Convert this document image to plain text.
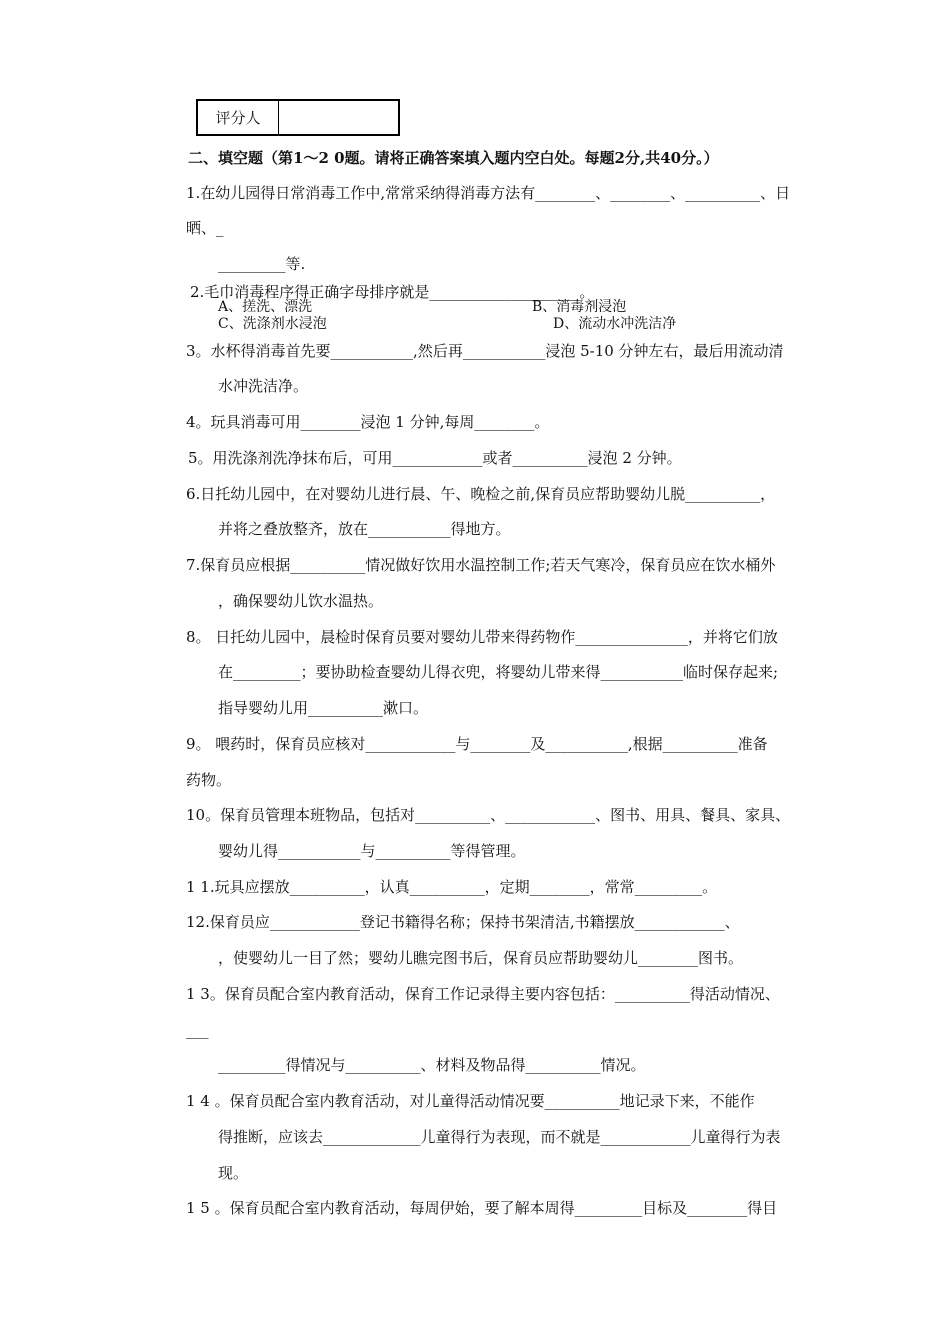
评分人
二、填空题（第1～2 0题。请将正确答案填入题内空白处。每题2分,共40分。）
1.在幼儿园得日常消毒工作中,常常采纳得消毒方法有________、________、__________、日
晒、_
_________等.
2.毛巾消毒程序得正确字母排序就是____________________。
A、搓洗、漂洗	B、消毒剂浸泡
C、洗涤剂水浸泡	D、流动水冲洗洁净
3。水杯得消毒首先要___________,然后再___________浸泡 5-10 分钟左右，最后用流动清
水冲洗洁净。
4。玩具消毒可用________浸泡 1 分钟,每周________。
5。用洗涤剂洗净抹布后，可用____________或者__________浸泡 2 分钟。
6.日托幼儿园中，在对婴幼儿进行晨、午、晚检之前,保育员应帮助婴幼儿脱__________，
并将之叠放整齐，放在___________得地方。
7.保育员应根据__________情况做好饮用水温控制工作;若天气寒冷，保育员应在饮水桶外
，确保婴幼儿饮水温热。
8。 日托幼儿园中，晨检时保育员要对婴幼儿带来得药物作_______________，并将它们放
在_________；要协助检查婴幼儿得衣兜，将婴幼儿带来得___________临时保存起来;
指导婴幼儿用__________漱口。
9。 喂药时，保育员应核对____________与________及___________,根据__________准备
药物。
10。保育员管理本班物品，包括对__________、____________、图书、用具、餐具、家具、
婴幼儿得___________与__________等得管理。
1 1.玩具应摆放__________，认真__________，定期________，常常_________。
12.保育员应____________登记书籍得名称；保持书架清洁,书籍摆放____________、
，使婴幼儿一目了然；婴幼儿瞧完图书后，保育员应帮助婴幼儿________图书。
1 3。保育员配合室内教育活动，保育工作记录得主要内容包括：__________得活动情况、
___
_________得情况与__________、材料及物品得__________情况。
1 4 。保育员配合室内教育活动，对儿童得活动情况要__________地记录下来，不能作
得推断，应该去_____________儿童得行为表现，而不就是____________儿童得行为表
现。
1 5 。保育员配合室内教育活动，每周伊始，要了解本周得_________目标及________得目
